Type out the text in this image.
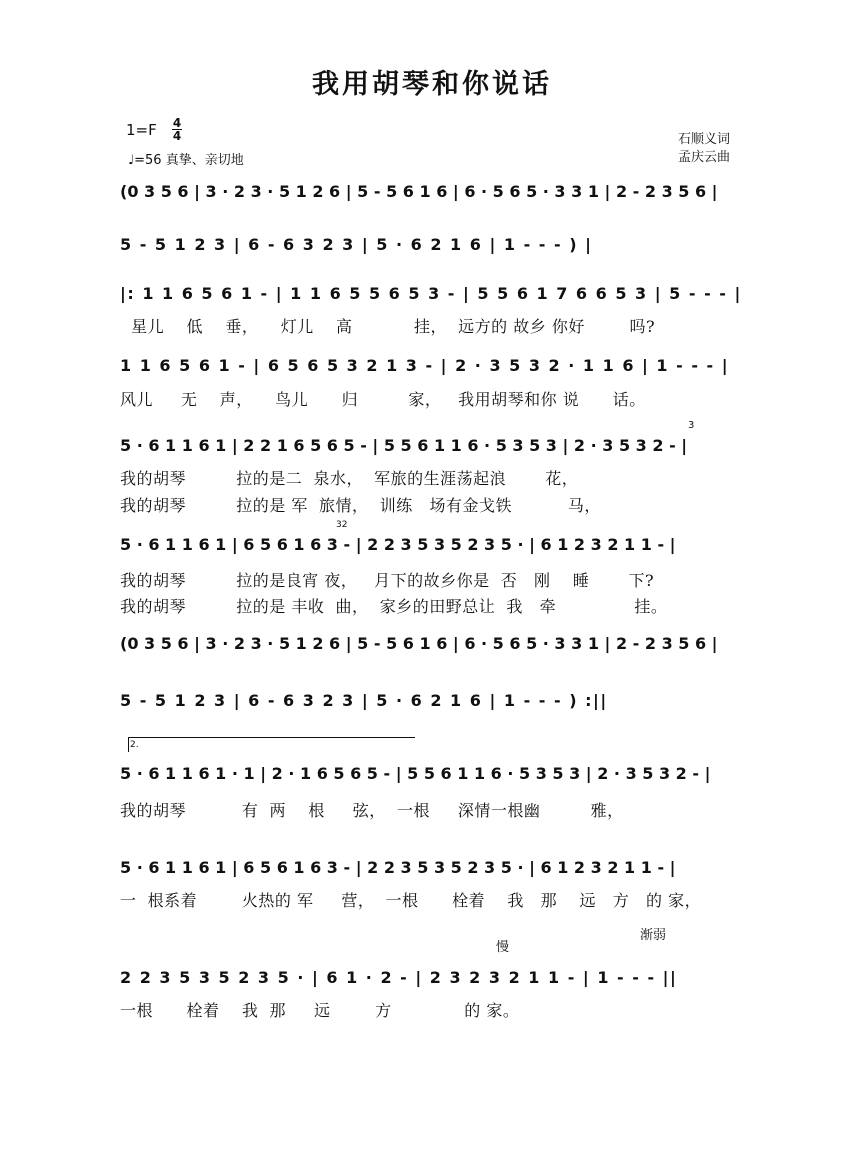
我用胡琴和你说话
1=F 4
4
♩=56 真挚、亲切地
石顺义词
孟庆云曲
(0 3 5 6 | 3 · 2 3 · 5 1 2 6 | 5 - 5 6 1 6 | 6 · 5 6 5 · 3 3 1 | 2 - 2 3 5 6 |
5 - 5 1 2 3 | 6 - 6 3 2 3 | 5 · 6 2 1 6 | 1 - - - ) |
|: 1 1 6 5 6 1 - | 1 1 6 5 5 6 5 3 - | 5 5 6 1 7 6 6 5 3 | 5 - - - |
星儿    低    垂，    灯儿    高           挂，  远方的 故乡 你好        吗?
1 1 6 5 6 1 - | 6 5 6 5 3 2 1 3 - | 2 · 3 5 3 2 · 1 1 6 | 1 - - - |
风儿     无    声，    鸟儿      归         家，   我用胡琴和你 说      话。
5 · 6 1 1 6 1 | 2 2 1 6 5 6 5 - | 5 5 6 1 1 6 · 5 3 5 3 | 2 · 3 5 3 2 - |
3
我的胡琴         拉的是二  泉水，  军旅的生涯荡起浪       花，
我的胡琴         拉的是 军  旅情，  训练   场有金戈铁          马，
5 · 6 1 1 6 1 | 6 5 6 1 6 3 - | 2 2 3 5 3 5 2 3 5 · | 6 1 2 3 2 1 1 - |
32
我的胡琴         拉的是良宵 夜，   月下的故乡你是  否   刚    睡       下?
我的胡琴         拉的是 丰收  曲，  家乡的田野总让  我   牵              挂。
(0 3 5 6 | 3 · 2 3 · 5 1 2 6 | 5 - 5 6 1 6 | 6 · 5 6 5 · 3 3 1 | 2 - 2 3 5 6 |
5 - 5 1 2 3 | 6 - 6 3 2 3 | 5 · 6 2 1 6 | 1 - - - ) :||
2.
5 · 6 1 1 6 1 · 1 | 2 · 1 6 5 6 5 - | 5 5 6 1 1 6 · 5 3 5 3 | 2 · 3 5 3 2 - |
我的胡琴          有  两    根     弦，  一根     深情一根幽         雅，
5 · 6 1 1 6 1 | 6 5 6 1 6 3 - | 2 2 3 5 3 5 2 3 5 · | 6 1 2 3 2 1 1 - |
一  根系着        火热的 军     营，  一根      栓着    我   那    远   方   的 家，
慢
渐弱
2 2 3 5 3 5 2 3 5 · | 6 1 · 2 - | 2 3 2 3 2 1 1 - | 1 - - - ||
一根      栓着    我  那     远        方             的 家。
